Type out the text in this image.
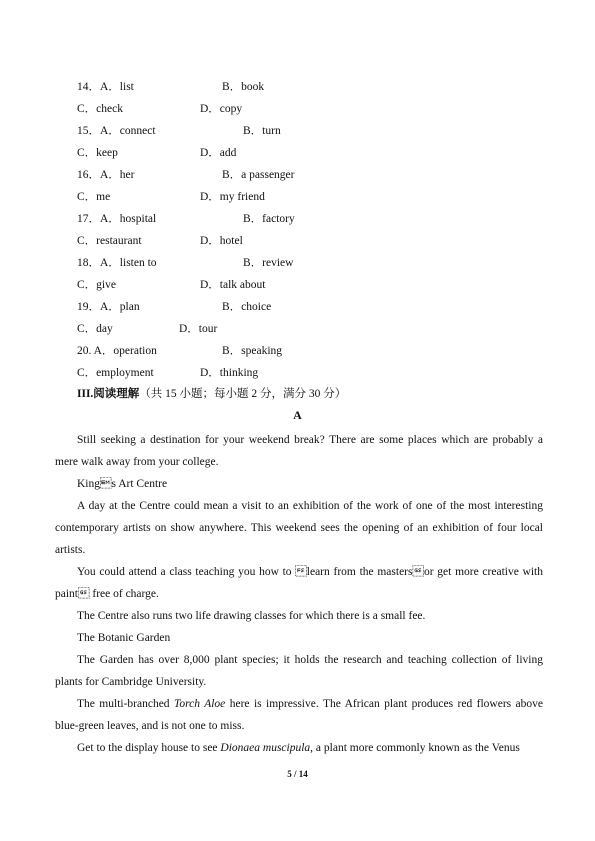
14．A．list	B．book
C．check	D．copy
15．A．connect	B．turn
C．keep	D．add
16．A．her	B．a passenger
C．me	D．my friend
17．A．hospital	B．factory
C．restaurant	D．hotel
18．A．listen to	B．review
C．give	D．talk about
19．A．plan	B．choice
C．day	D．tour
20. A．operation	B．speaking
C．employment	D．thinking
III.阅读理解（共 15 小题；每小题 2 分，满分 30 分）
A

Still seeking a destination for your weekend break? There are some places which are probably a mere walk away from your college.

Kings Art Centre

A day at the Centre could mean a visit to an exhibition of the work of one of the most interesting contemporary artists on show anywhere. This weekend sees the opening of an exhibition of four local artists.

You could attend a class teaching you how to learn from the mastersor get more creative with paint free of charge.

The Centre also runs two life drawing classes for which there is a small fee.

The Botanic Garden

The Garden has over 8,000 plant species; it holds the research and teaching collection of living plants for Cambridge University.

The multi-branched Torch Aloe here is impressive. The African plant produces red flowers above blue-green leaves, and is not one to miss.

Get to the display house to see Dionaea muscipula, a plant more commonly known as the Venus

5 / 14
